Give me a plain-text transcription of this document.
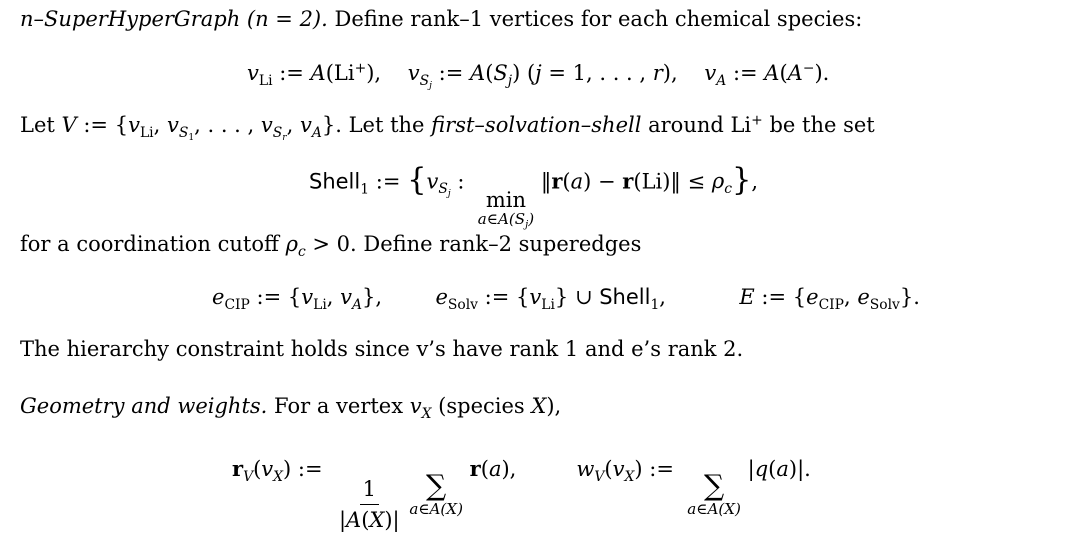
n–SuperHyperGraph (n = 2). Define rank–1 vertices for each chemical species:
$v_{Li}$ := A(Li+),    $v_{S_j}$ := $A(S_j) (j = 1$, . . . , r),    $v_A$ := A(A−).
Let V := {$v_{Li}$, $v_{S_1}$, . . . , $v_{S_r}$, $v_A$}. Let the first–solvation–shell around Li+ be the set
Shell$_1$ := {$v_{S_j}$ :
min
$a\in A(S_j)$
‖r(a) − r(Li)‖ ≤ $\rho_c$},
for a coordination cutoff $\rho_c > 0$. Define rank–2 superedges
$e_{CIP}$ := {$v_{Li}$, $v_A$},        $e_{Solv}$ := $\{v_{Li}\}$ ∪ Shell$_1$,           E := {$e_{CIP}$, $e_{Solv}$}.
The hierarchy constraint holds since v’s have rank 1 and e’s rank 2.
Geometry and weights. For a vertex $v_X$ (species X),
$r_V(v_X)$ :=
$\frac{1}{|A(X)|}$
∑
a∈A(X)
r(a),         $w_V(v_X)$ := ∑
a∈A(X)
|q(a)|.
